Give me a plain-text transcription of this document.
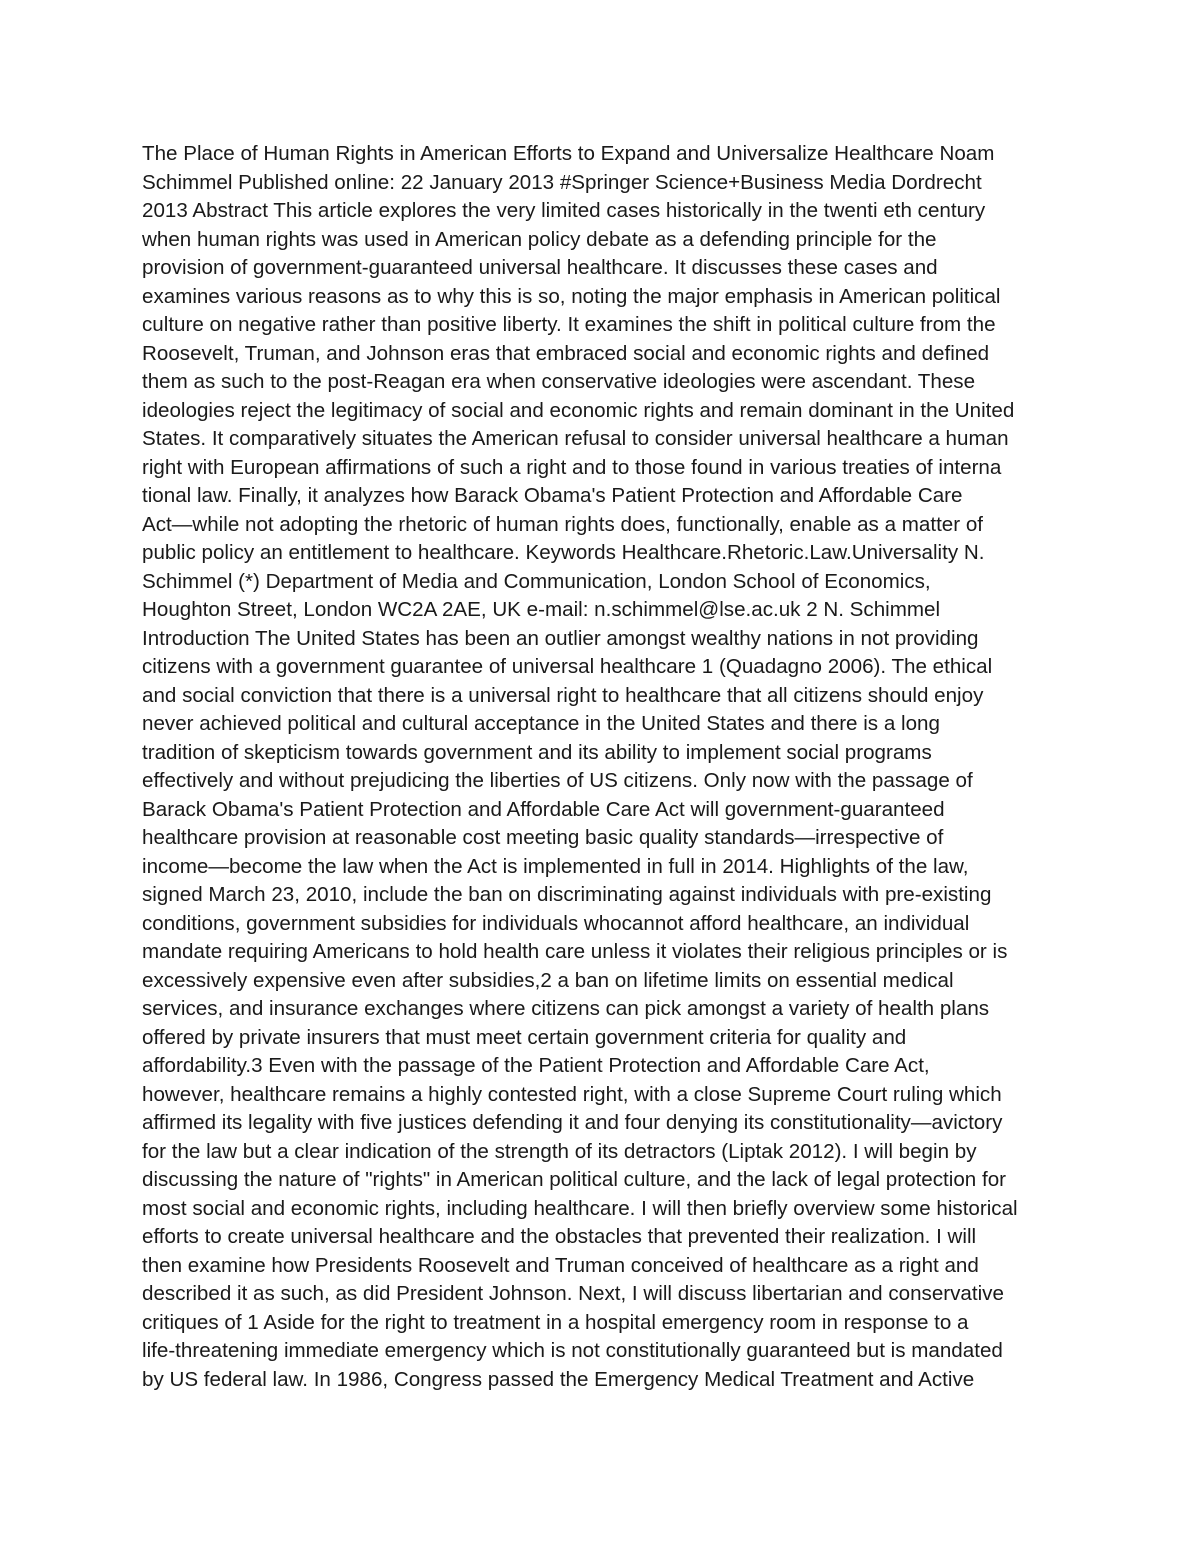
The Place of Human Rights in American Efforts to Expand and Universalize Healthcare Noam
Schimmel Published online: 22 January 2013 #Springer Science+Business Media Dordrecht
2013 Abstract This article explores the very limited cases historically in the twenti eth century
when human rights was used in American policy debate as a defending principle for the
provision of government-guaranteed universal healthcare. It discusses these cases and
examines various reasons as to why this is so, noting the major emphasis in American political
culture on negative rather than positive liberty. It examines the shift in political culture from the
Roosevelt, Truman, and Johnson eras that embraced social and economic rights and defined
them as such to the post-Reagan era when conservative ideologies were ascendant. These
ideologies reject the legitimacy of social and economic rights and remain dominant in the United
States. It comparatively situates the American refusal to consider universal healthcare a human
right with European affirmations of such a right and to those found in various treaties of interna
tional law. Finally, it analyzes how Barack Obama's Patient Protection and Affordable Care
Act—while not adopting the rhetoric of human rights does, functionally, enable as a matter of
public policy an entitlement to healthcare. Keywords Healthcare.Rhetoric.Law.Universality N.
Schimmel (*) Department of Media and Communication, London School of Economics,
Houghton Street, London WC2A 2AE, UK e-mail: n.schimmel@lse.ac.uk 2 N. Schimmel
Introduction The United States has been an outlier amongst wealthy nations in not providing
citizens with a government guarantee of universal healthcare 1 (Quadagno 2006). The ethical
and social conviction that there is a universal right to healthcare that all citizens should enjoy
never achieved political and cultural acceptance in the United States and there is a long
tradition of skepticism towards government and its ability to implement social programs
effectively and without prejudicing the liberties of US citizens. Only now with the passage of
Barack Obama's Patient Protection and Affordable Care Act will government-guaranteed
healthcare provision at reasonable cost meeting basic quality standards—irrespective of
income—become the law when the Act is implemented in full in 2014. Highlights of the law,
signed March 23, 2010, include the ban on discriminating against individuals with pre-existing
conditions, government subsidies for individuals whocannot afford healthcare, an individual
mandate requiring Americans to hold health care unless it violates their religious principles or is
excessively expensive even after subsidies,2 a ban on lifetime limits on essential medical
services, and insurance exchanges where citizens can pick amongst a variety of health plans
offered by private insurers that must meet certain government criteria for quality and
affordability.3 Even with the passage of the Patient Protection and Affordable Care Act,
however, healthcare remains a highly contested right, with a close Supreme Court ruling which
affirmed its legality with five justices defending it and four denying its constitutionality—avictory
for the law but a clear indication of the strength of its detractors (Liptak 2012). I will begin by
discussing the nature of "rights" in American political culture, and the lack of legal protection for
most social and economic rights, including healthcare. I will then briefly overview some historical
efforts to create universal healthcare and the obstacles that prevented their realization. I will
then examine how Presidents Roosevelt and Truman conceived of healthcare as a right and
described it as such, as did President Johnson. Next, I will discuss libertarian and conservative
critiques of 1 Aside for the right to treatment in a hospital emergency room in response to a
life-threatening immediate emergency which is not constitutionally guaranteed but is mandated
by US federal law. In 1986, Congress passed the Emergency Medical Treatment and Active
